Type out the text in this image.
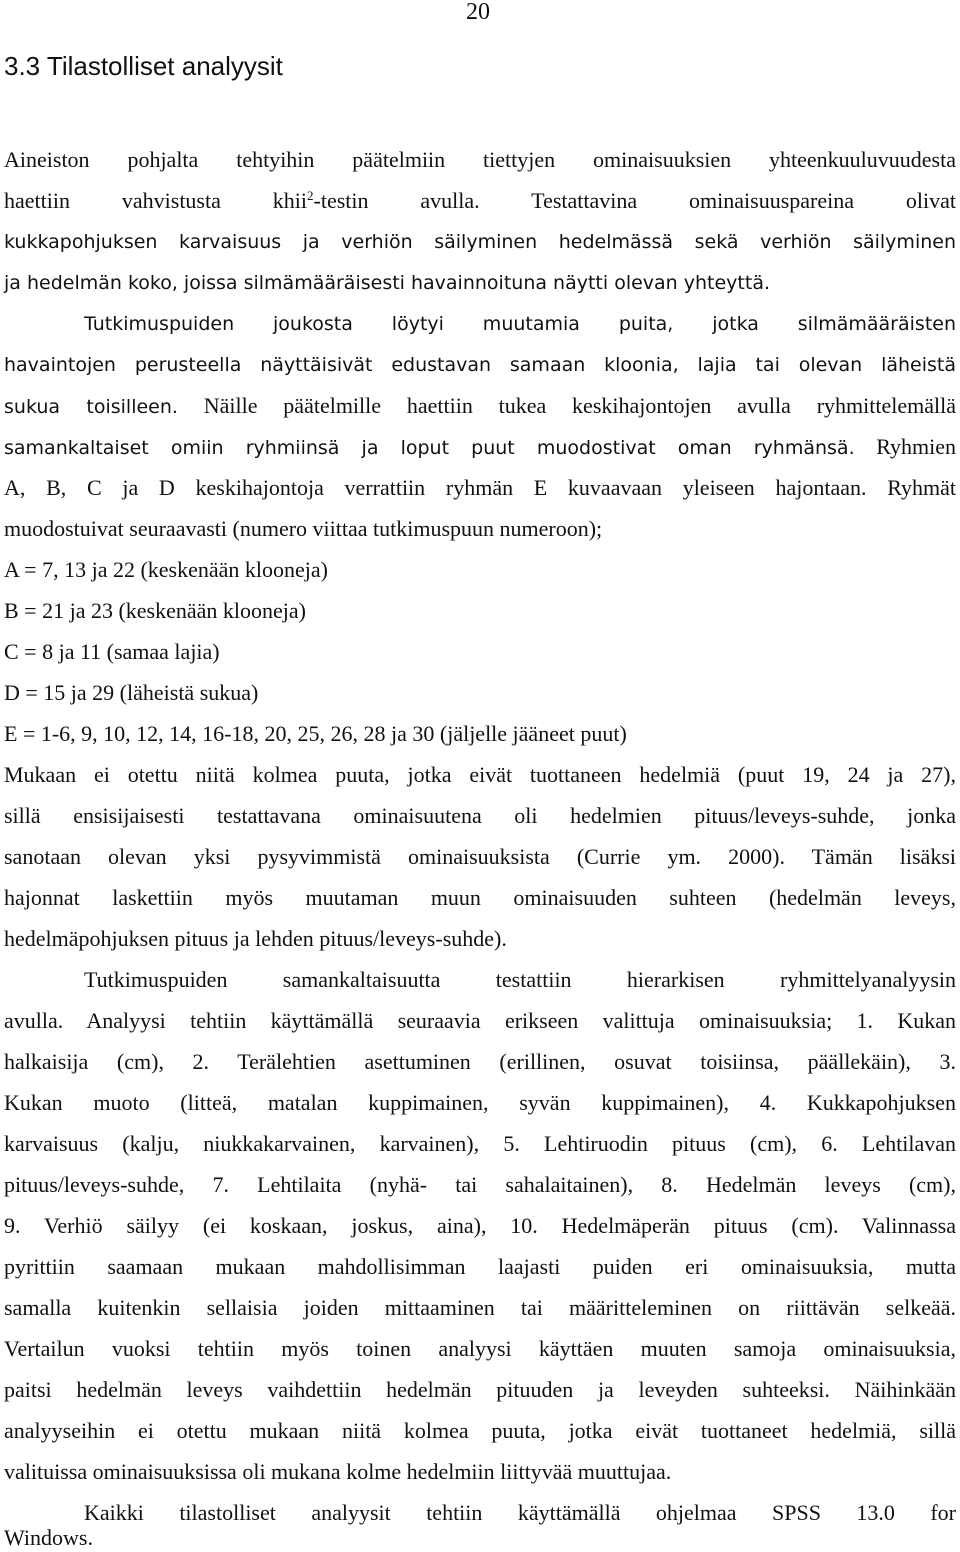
20
3.3 Tilastolliset analyysit
Aineiston pohjalta tehtyihin päätelmiin tiettyjen ominaisuuksien yhteenkuuluvuudesta
haettiin vahvistusta khii$^2$-testin avulla. Testattavina ominaisuuspareina olivat
kukkapohjuksen karvaisuus ja verhiön säilyminen hedelmässä sekä verhiön säilyminen
ja hedelmän koko, joissa silmämääräisesti havainnoituna näytti olevan yhteyttä.
Tutkimuspuiden joukosta löytyi muutamia puita, jotka silmämääräisten
havaintojen perusteella näyttäisivät edustavan samaan kloonia, lajia tai olevan läheistä
sukua toisilleen. Näille päätelmille haettiin tukea keskihajontojen avulla ryhmittelemällä
samankaltaiset omiin ryhmiinsä ja loput puut muodostivat oman ryhmänsä. Ryhmien
A, B, C ja D keskihajontoja verrattiin ryhmän E kuvaavaan yleiseen hajontaan. Ryhmät
muodostuivat seuraavasti (numero viittaa tutkimuspuun numeroon);
A = 7, 13 ja 22 (keskenään klooneja)
B = 21 ja 23 (keskenään klooneja)
C = 8 ja 11 (samaa lajia)
D = 15 ja 29 (läheistä sukua)
E = 1-6, 9, 10, 12, 14, 16-18, 20, 25, 26, 28 ja 30 (jäljelle jääneet puut)
Mukaan ei otettu niitä kolmea puuta, jotka eivät tuottaneen hedelmiä (puut 19, 24 ja 27),
sillä ensisijaisesti testattavana ominaisuutena oli hedelmien pituus/leveys-suhde, jonka
sanotaan olevan yksi pysyvimmistä ominaisuuksista (Currie ym. 2000). Tämän lisäksi
hajonnat laskettiin myös muutaman muun ominaisuuden suhteen (hedelmän leveys,
hedelmäpohjuksen pituus ja lehden pituus/leveys-suhde).
Tutkimuspuiden samankaltaisuutta testattiin hierarkisen ryhmittelyanalyysin
avulla. Analyysi tehtiin käyttämällä seuraavia erikseen valittuja ominaisuuksia; 1. Kukan
halkaisija (cm), 2. Terälehtien asettuminen (erillinen, osuvat toisiinsa, päällekäin), 3.
Kukan muoto (litteä, matalan kuppimainen, syvän kuppimainen), 4. Kukkapohjuksen
karvaisuus (kalju, niukkakarvainen, karvainen), 5. Lehtiruodin pituus (cm), 6. Lehtilavan
pituus/leveys-suhde, 7. Lehtilaita (nyhä- tai sahalaitainen), 8. Hedelmän leveys (cm),
9. Verhiö säilyy (ei koskaan, joskus, aina), 10. Hedelmäperän pituus (cm). Valinnassa
pyrittiin saamaan mukaan mahdollisimman laajasti puiden eri ominaisuuksia, mutta
samalla kuitenkin sellaisia joiden mittaaminen tai määritteleminen on riittävän selkeää.
Vertailun vuoksi tehtiin myös toinen analyysi käyttäen muuten samoja ominaisuuksia,
paitsi hedelmän leveys vaihdettiin hedelmän pituuden ja leveyden suhteeksi. Näihinkään
analyyseihin ei otettu mukaan niitä kolmea puuta, jotka eivät tuottaneet hedelmiä, sillä
valituissa ominaisuuksissa oli mukana kolme hedelmiin liittyvää muuttujaa.
Kaikki tilastolliset analyysit tehtiin käyttämällä ohjelmaa SPSS 13.0 for
Windows.
